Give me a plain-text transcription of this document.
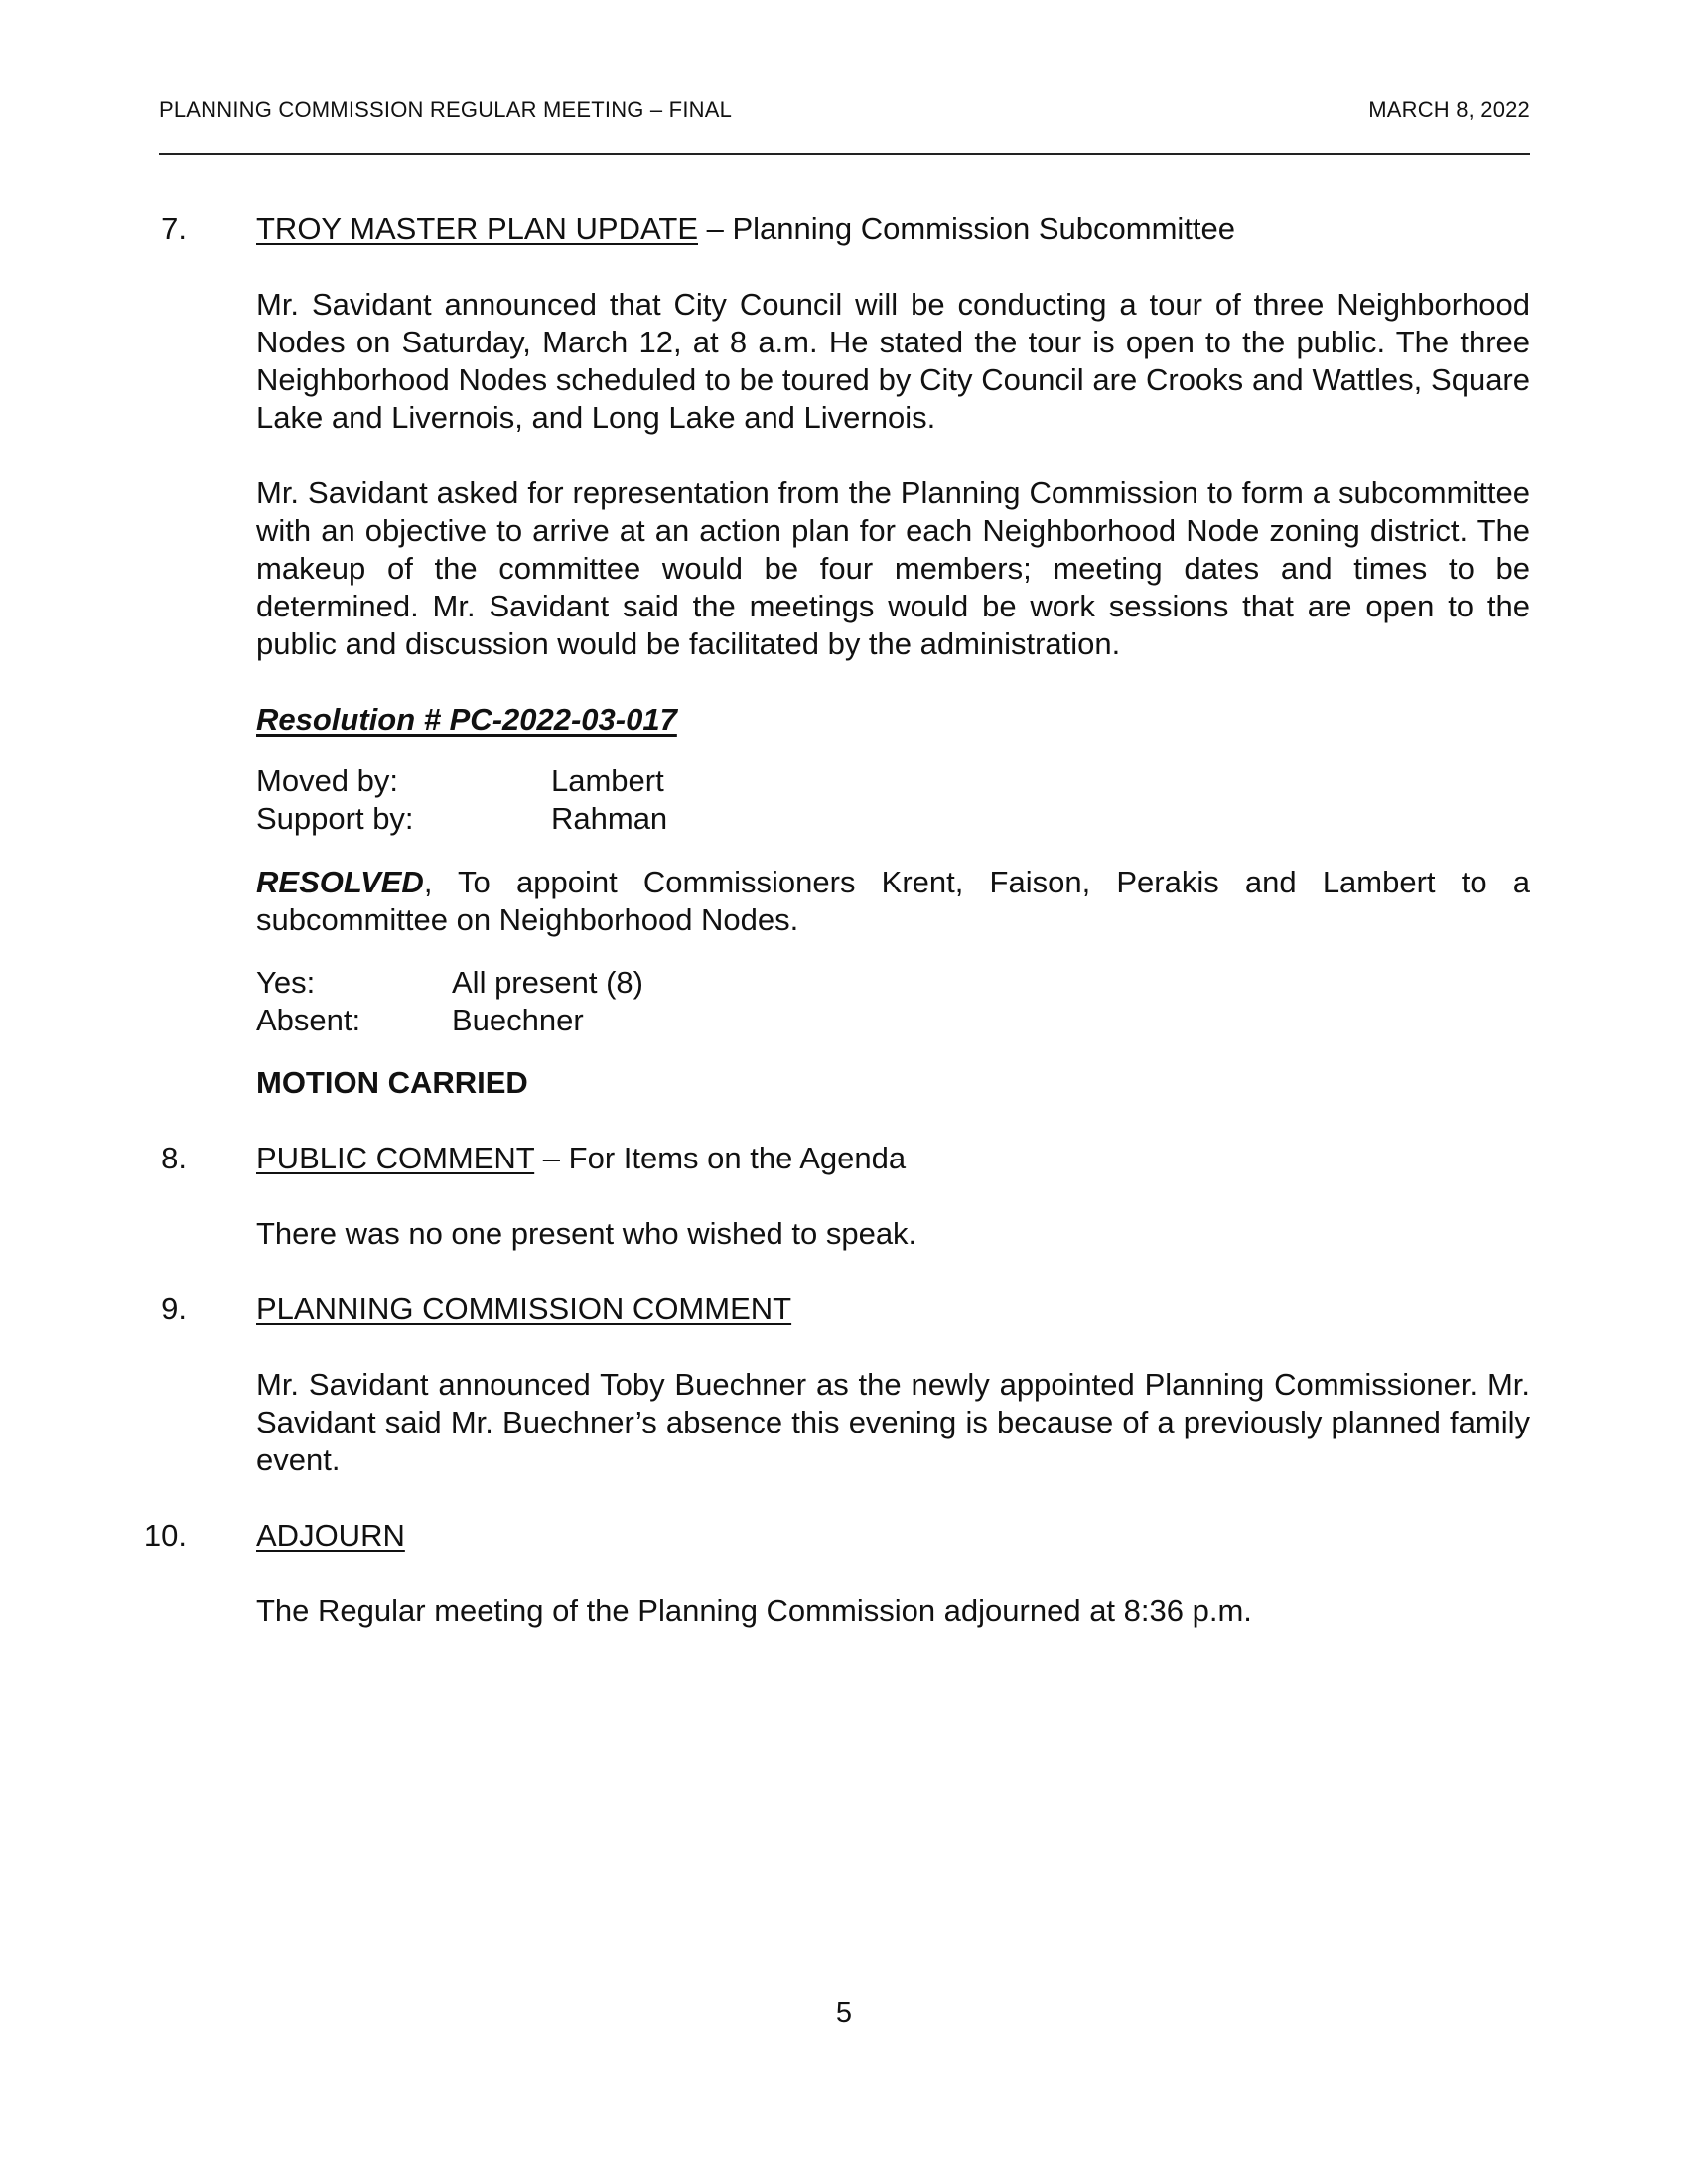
PLANNING COMMISSION REGULAR MEETING – FINAL	MARCH 8, 2022
7. TROY MASTER PLAN UPDATE – Planning Commission Subcommittee

Mr. Savidant announced that City Council will be conducting a tour of three Neighborhood Nodes on Saturday, March 12, at 8 a.m. He stated the tour is open to the public. The three Neighborhood Nodes scheduled to be toured by City Council are Crooks and Wattles, Square Lake and Livernois, and Long Lake and Livernois.

Mr. Savidant asked for representation from the Planning Commission to form a subcommittee with an objective to arrive at an action plan for each Neighborhood Node zoning district. The makeup of the committee would be four members; meeting dates and times to be determined. Mr. Savidant said the meetings would be work sessions that are open to the public and discussion would be facilitated by the administration.

Resolution # PC-2022-03-017
Moved by:	Lambert
Support by:	Rahman

RESOLVED, To appoint Commissioners Krent, Faison, Perakis and Lambert to a subcommittee on Neighborhood Nodes.

Yes:	All present (8)
Absent:	Buechner
MOTION CARRIED
8. PUBLIC COMMENT – For Items on the Agenda

There was no one present who wished to speak.

9. PLANNING COMMISSION COMMENT

Mr. Savidant announced Toby Buechner as the newly appointed Planning Commissioner. Mr. Savidant said Mr. Buechner’s absence this evening is because of a previously planned family event.

10. ADJOURN

The Regular meeting of the Planning Commission adjourned at 8:36 p.m.

5
